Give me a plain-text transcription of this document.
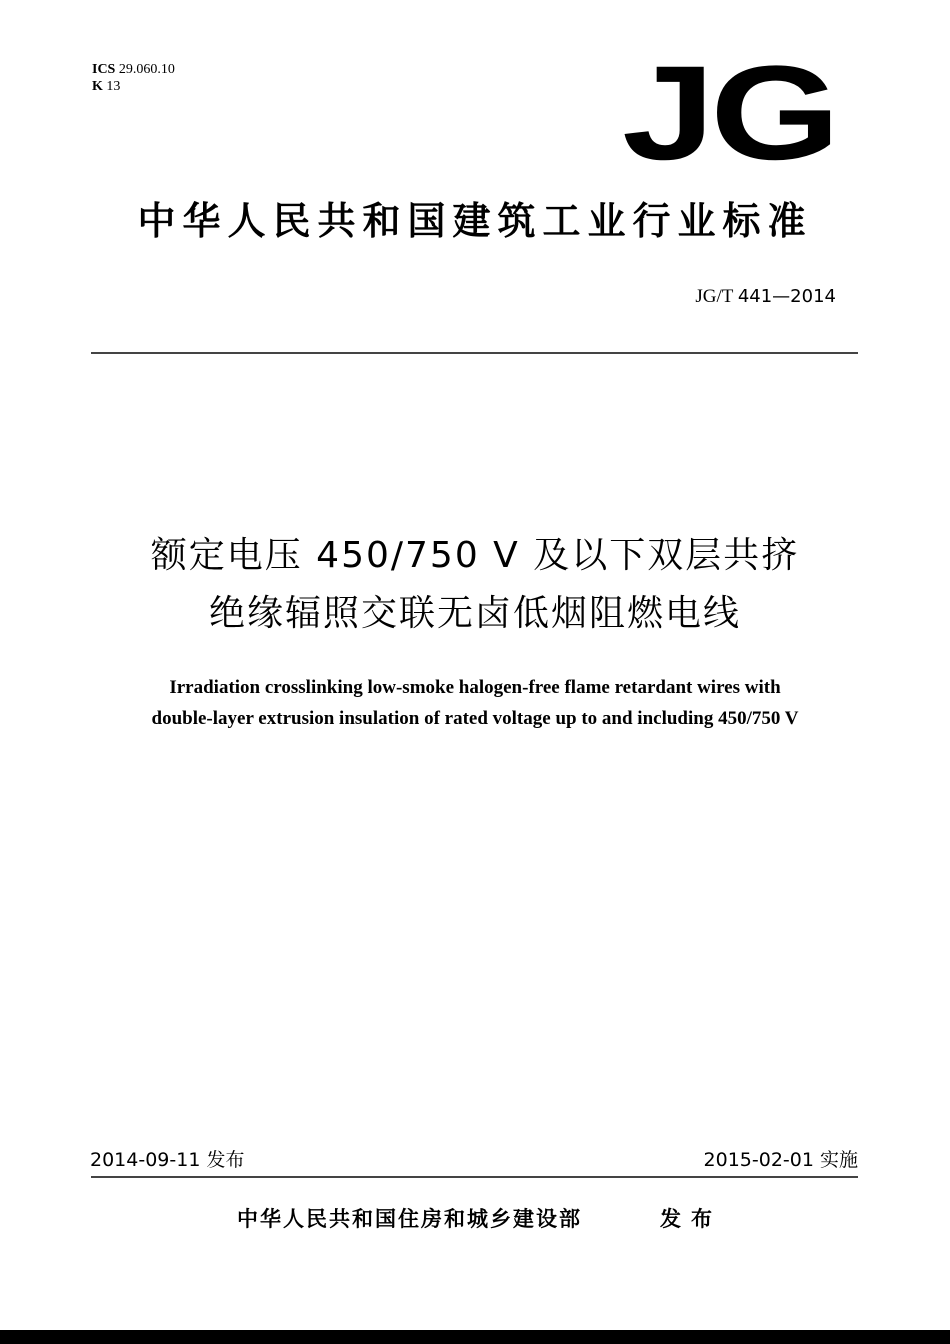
ICS 29.060.10
K 13	JG
中华人民共和国建筑工业行业标准
JG/T 441—2014
额定电压 450/750 V 及以下双层共挤
绝缘辐照交联无卤低烟阻燃电线
Irradiation crosslinking low-smoke halogen-free flame retardant wires with
double-layer extrusion insulation of rated voltage up to and including 450/750 V
2014-09-11 发布	2015-02-01 实施
中华人民共和国住房和城乡建设部	发布
